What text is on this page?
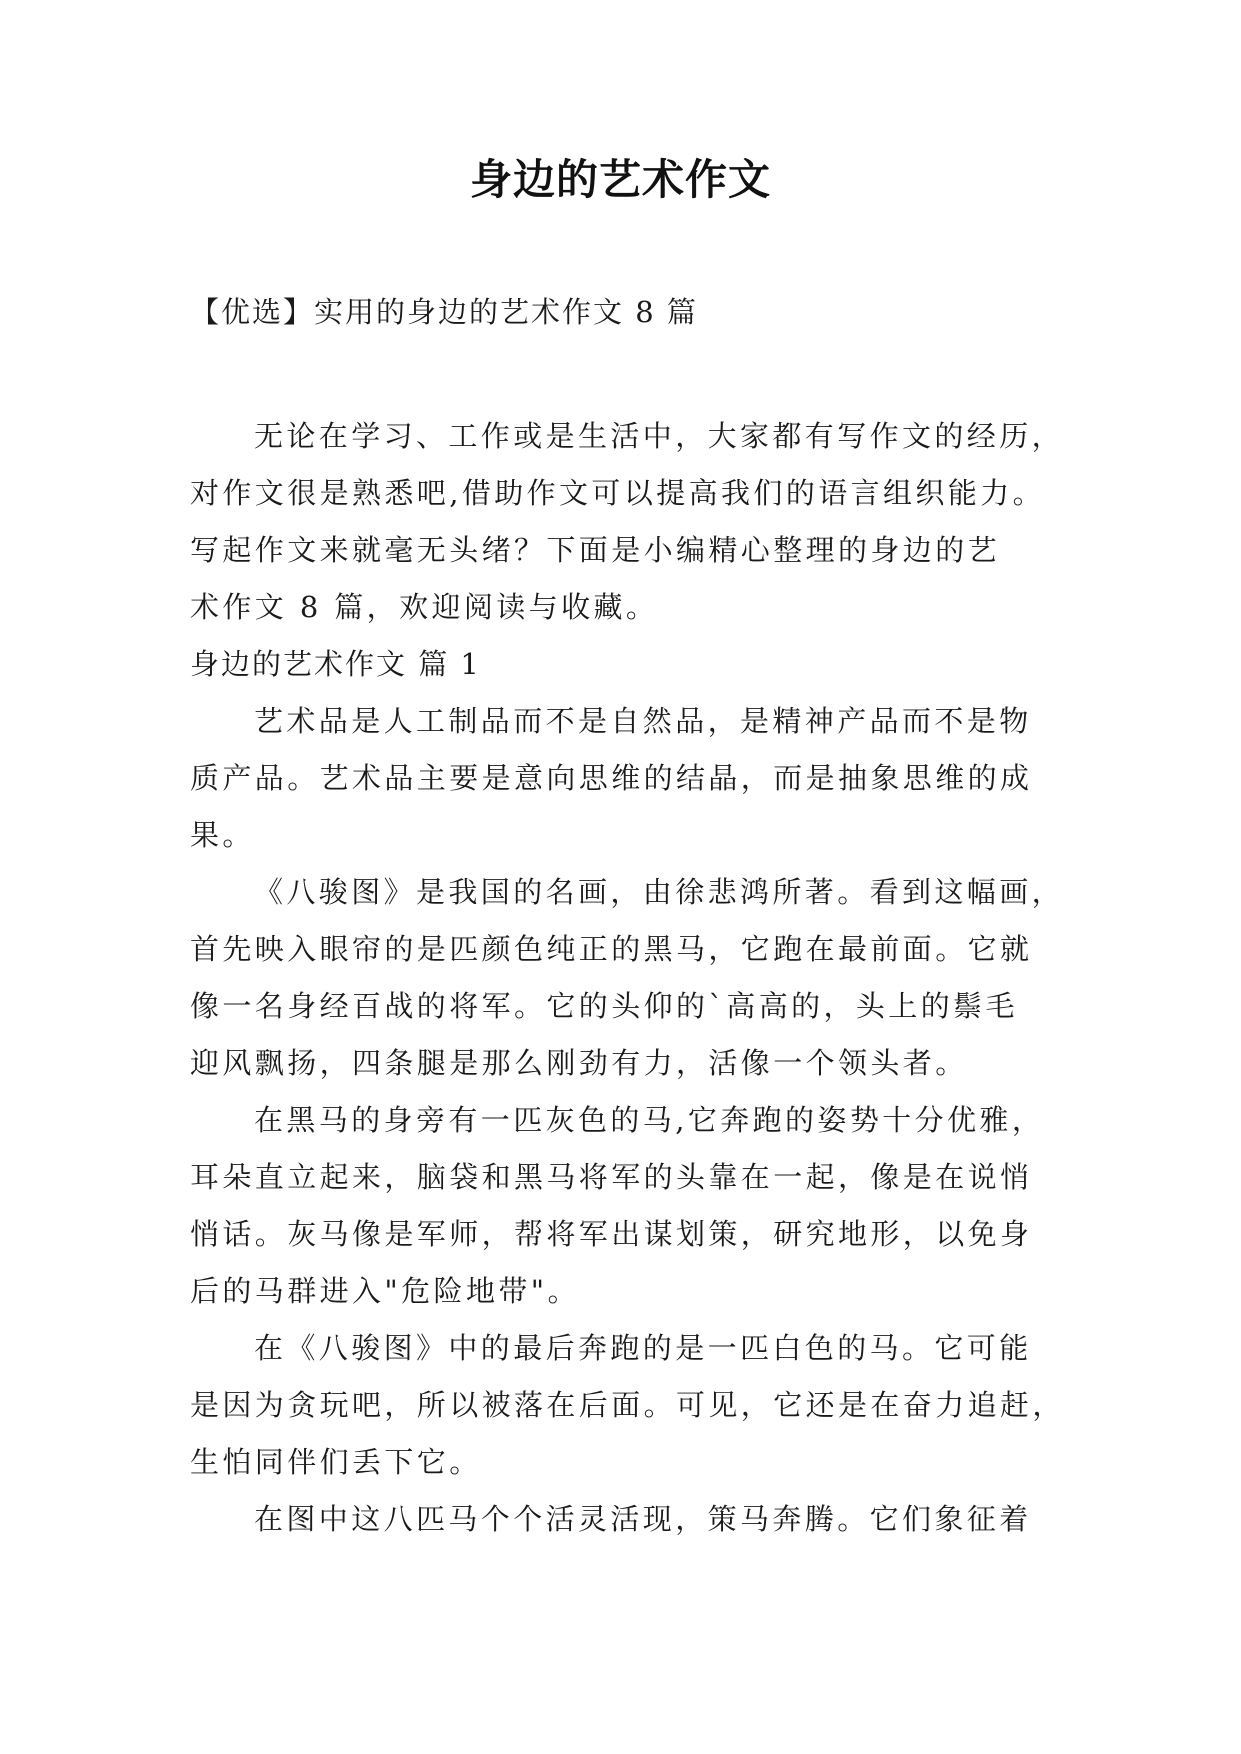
身边的艺术作文
【优选】实用的身边的艺术作文 8 篇

无论在学习、工作或是生活中，大家都有写作文的经历，
对作文很是熟悉吧,借助作文可以提高我们的语言组织能力。
写起作文来就毫无头绪？下面是小编精心整理的身边的艺
术作文 8 篇，欢迎阅读与收藏。

身边的艺术作文 篇 1

艺术品是人工制品而不是自然品，是精神产品而不是物
质产品。艺术品主要是意向思维的结晶，而是抽象思维的成
果。

《八骏图》是我国的名画，由徐悲鸿所著。看到这幅画，
首先映入眼帘的是匹颜色纯正的黑马，它跑在最前面。它就
像一名身经百战的将军。它的头仰的`高高的，头上的鬃毛
迎风飘扬，四条腿是那么刚劲有力，活像一个领头者。

在黑马的身旁有一匹灰色的马,它奔跑的姿势十分优雅，
耳朵直立起来，脑袋和黑马将军的头靠在一起，像是在说悄
悄话。灰马像是军师，帮将军出谋划策，研究地形，以免身
后的马群进入"危险地带"。

在《八骏图》中的最后奔跑的是一匹白色的马。它可能
是因为贪玩吧，所以被落在后面。可见，它还是在奋力追赶，
生怕同伴们丢下它。

在图中这八匹马个个活灵活现，策马奔腾。它们象征着
